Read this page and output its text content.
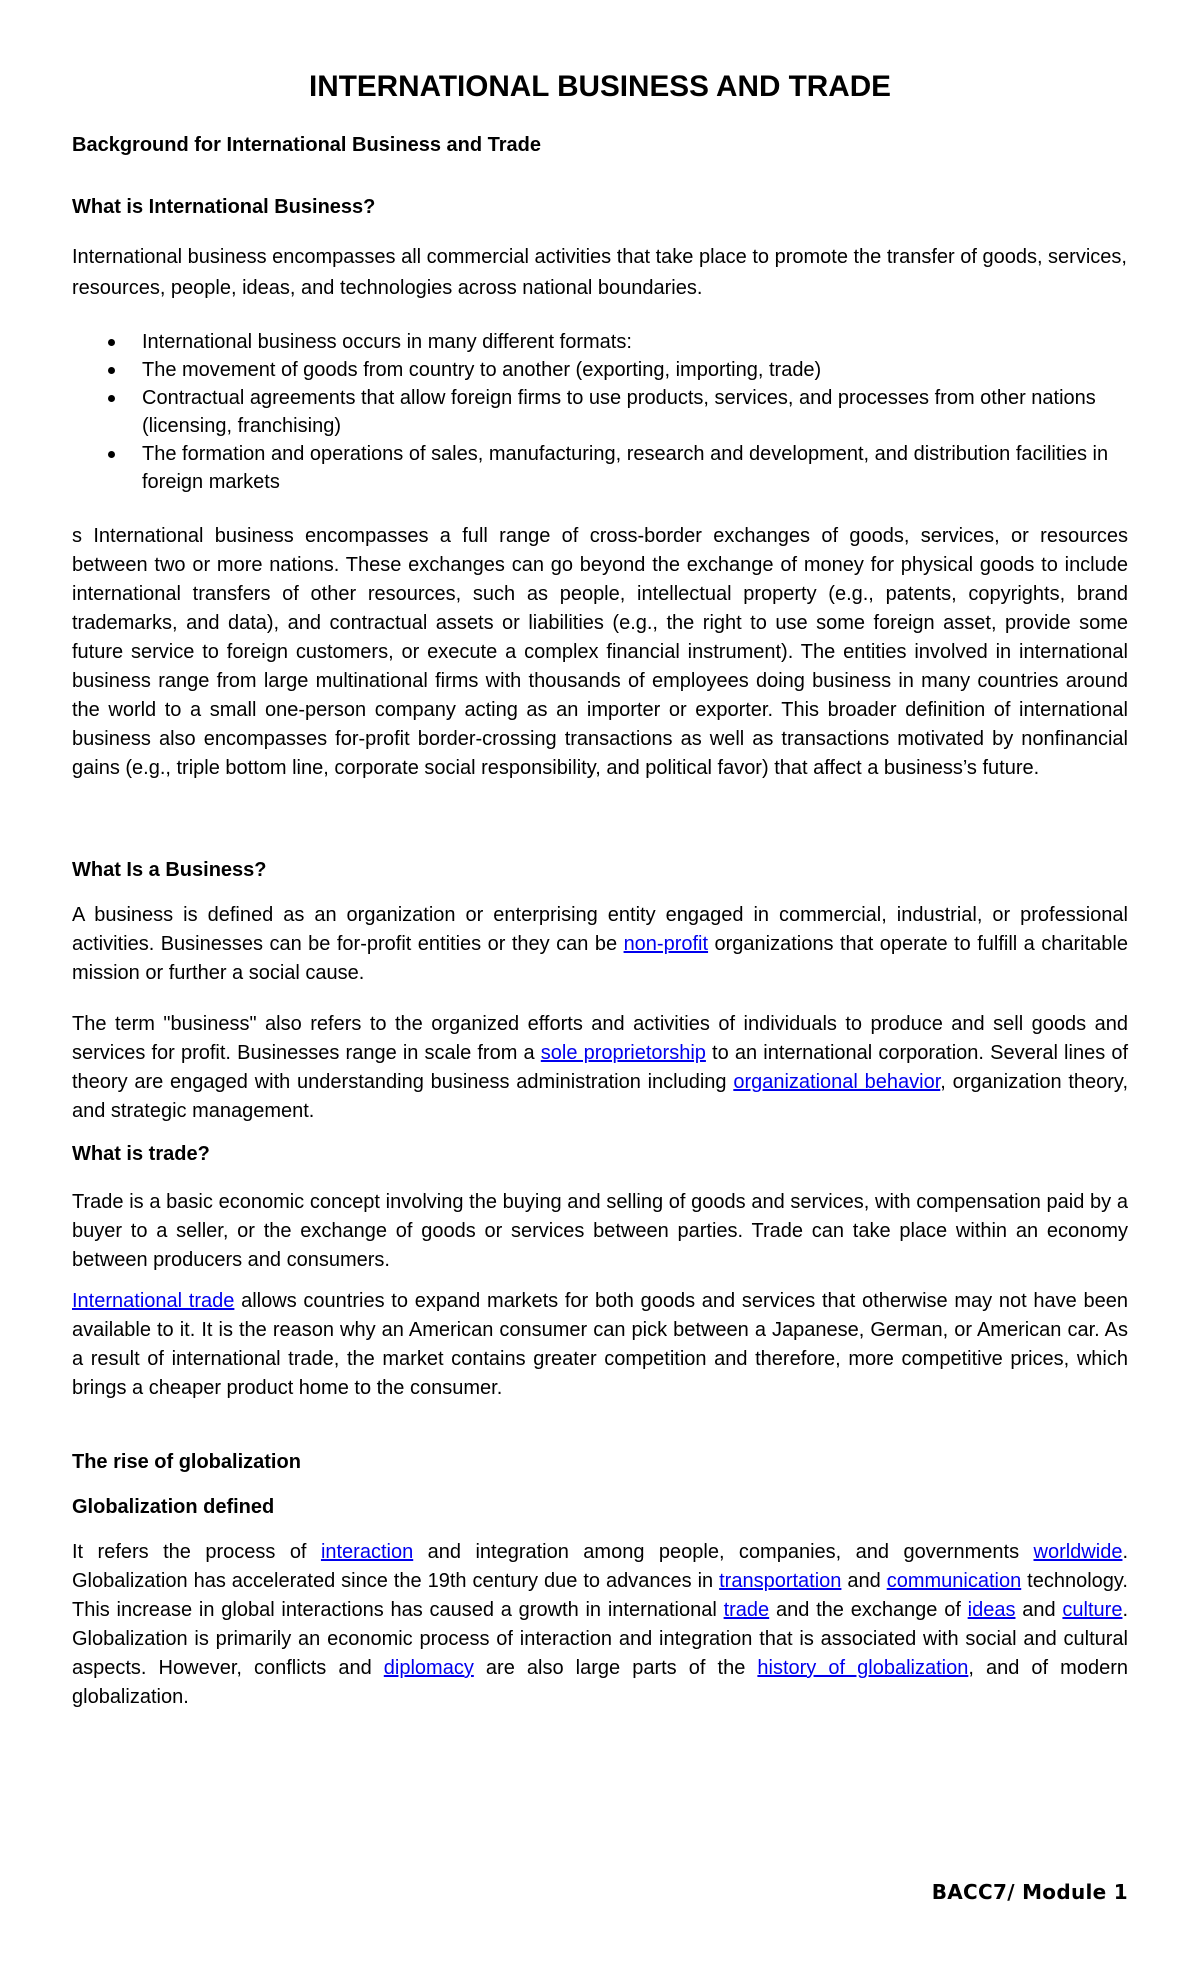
INTERNATIONAL BUSINESS AND TRADE
Background for International Business and Trade
What is International Business?

International business encompasses all commercial activities that take place to promote the transfer of goods, services, resources, people, ideas, and technologies across national boundaries.

International business occurs in many different formats:
The movement of goods from country to another (exporting, importing, trade)
Contractual agreements that allow foreign firms to use products, services, and processes from other nations (licensing, franchising)
The formation and operations of sales, manufacturing, research and development, and distribution facilities in foreign markets

s International business encompasses a full range of cross-border exchanges of goods, services, or resources between two or more nations. These exchanges can go beyond the exchange of money for physical goods to include international transfers of other resources, such as people, intellectual property (e.g., patents, copyrights, brand trademarks, and data), and contractual assets or liabilities (e.g., the right to use some foreign asset, provide some future service to foreign customers, or execute a complex financial instrument). The entities involved in international business range from large multinational firms with thousands of employees doing business in many countries around the world to a small one-person company acting as an importer or exporter. This broader definition of international business also encompasses for-profit border-crossing transactions as well as transactions motivated by nonfinancial gains (e.g., triple bottom line, corporate social responsibility, and political favor) that affect a business’s future.

What Is a Business?

A business is defined as an organization or enterprising entity engaged in commercial, industrial, or professional activities. Businesses can be for-profit entities or they can be non-profit organizations that operate to fulfill a charitable mission or further a social cause.

The term "business" also refers to the organized efforts and activities of individuals to produce and sell goods and services for profit. Businesses range in scale from a sole proprietorship to an international corporation. Several lines of theory are engaged with understanding business administration including organizational behavior, organization theory, and strategic management.

What is trade?

Trade is a basic economic concept involving the buying and selling of goods and services, with compensation paid by a buyer to a seller, or the exchange of goods or services between parties. Trade can take place within an economy between producers and consumers.

International trade allows countries to expand markets for both goods and services that otherwise may not have been available to it. It is the reason why an American consumer can pick between a Japanese, German, or American car. As a result of international trade, the market contains greater competition and therefore, more competitive prices, which brings a cheaper product home to the consumer.

The rise of globalization
Globalization defined

It refers the process of interaction and integration among people, companies, and governments worldwide. Globalization has accelerated since the 19th century due to advances in transportation and communication technology. This increase in global interactions has caused a growth in international trade and the exchange of ideas and culture. Globalization is primarily an economic process of interaction and integration that is associated with social and cultural aspects. However, conflicts and diplomacy are also large parts of the history of globalization, and of modern globalization.

BACC7/ Module 1
